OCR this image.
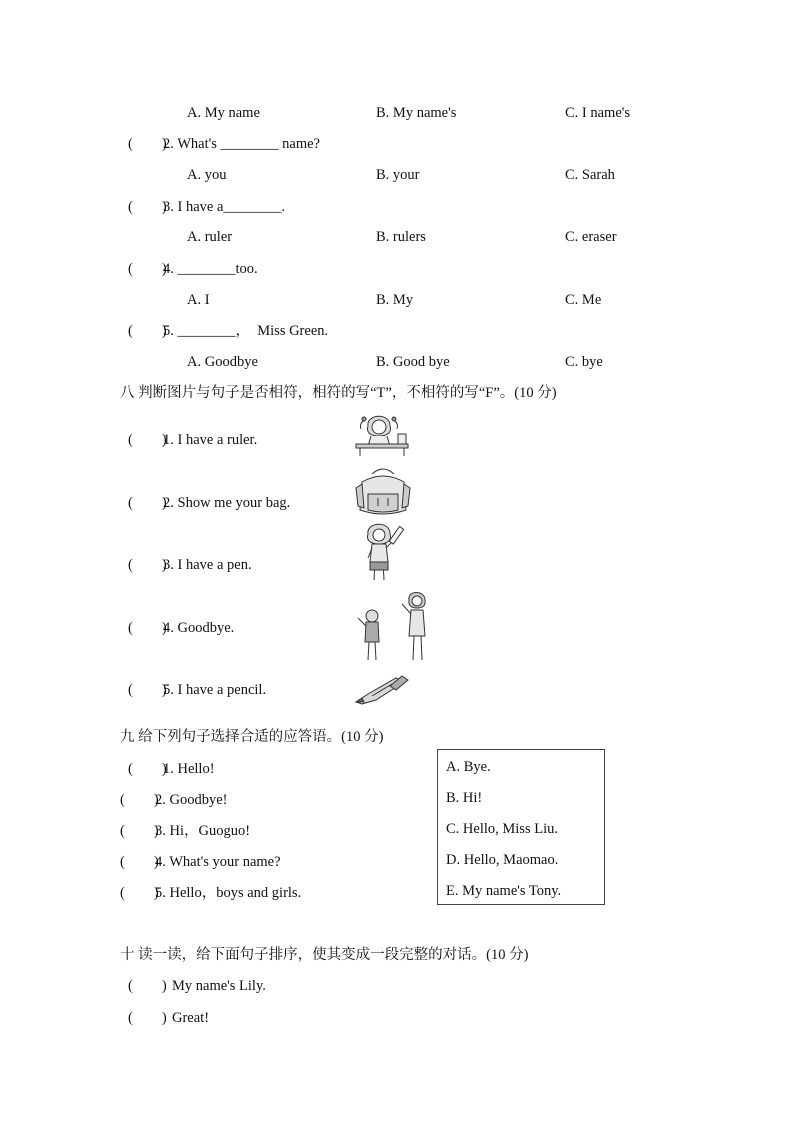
A. My name	B. My name's	C. I name's
(　　)
2. What's ________ name?
A. you	B. your	C. Sarah
(　　)
3. I have a________.
A. ruler	B. rulers	C. eraser
(　　)
4. ________too.
A. I	B. My	C. Me
(　　)
5. ________，　Miss Green.
A. Goodbye	B. Good bye	C. bye
八 判断图片与句子是否相符，相符的写“T”，不相符的写“F”。(10 分)
(　　)
1. I have a ruler.
(　　)
2. Show me your bag.
(　　)
3. I have a pen.
(　　)
4. Goodbye.
(　　)
5. I have a pencil.
九 给下列句子选择合适的应答语。(10 分)
(　　)
1. Hello!
(　　)
2. Goodbye!
(　　)
3. Hi，Guoguo!
(　　)
4. What's your name?
(　　)
5. Hello，boys and girls.
A. Bye.
B. Hi!
C. Hello, Miss Liu.
D. Hello, Maomao.
E. My name's Tony.
十 读一读，给下面句子排序，使其变成一段完整的对话。(10 分)
(　　) My name's Lily.
(　　) Great!
